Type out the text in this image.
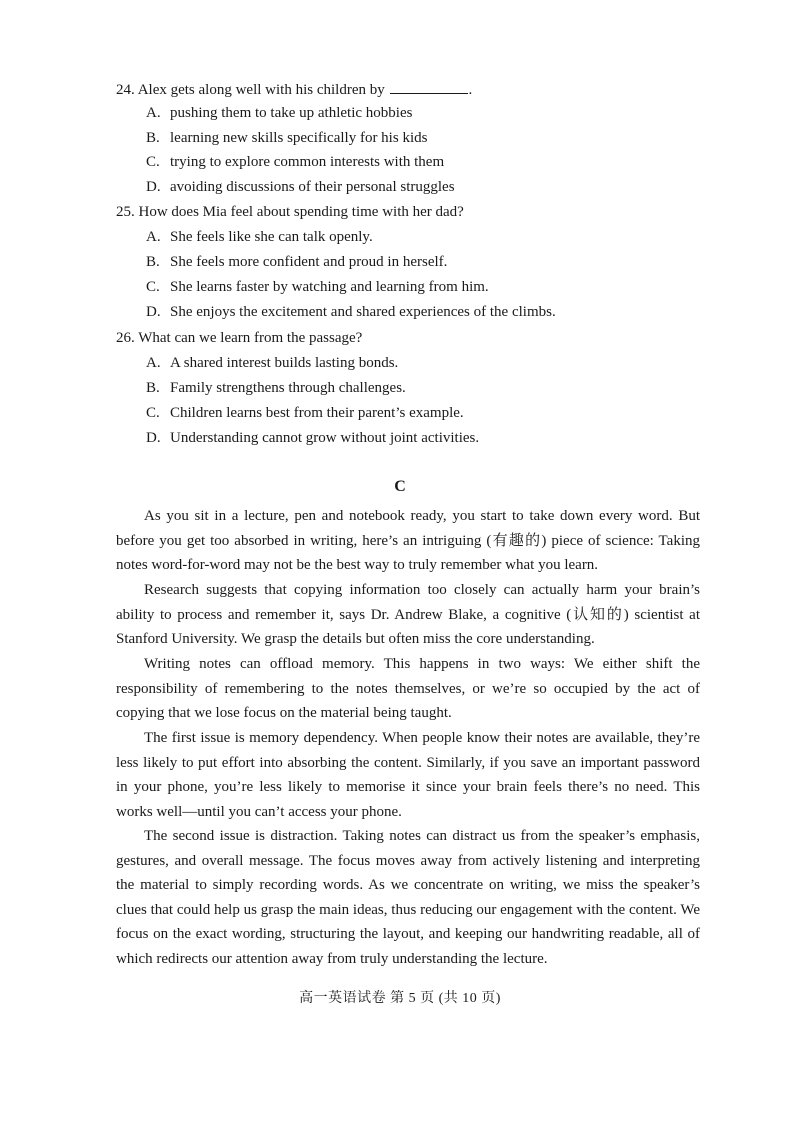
24. Alex gets along well with his children by	.
A. pushing them to take up athletic hobbies
B. learning new skills specifically for his kids
C. trying to explore common interests with them
D. avoiding discussions of their personal struggles
25. How does Mia feel about spending time with her dad?
A. She feels like she can talk openly.
B. She feels more confident and proud in herself.
C. She learns faster by watching and learning from him.
D. She enjoys the excitement and shared experiences of the climbs.
26. What can we learn from the passage?
A. A shared interest builds lasting bonds.
B. Family strengthens through challenges.
C. Children learns best from their parent’s example.
D. Understanding cannot grow without joint activities.
C
As you sit in a lecture, pen and notebook ready, you start to take down every word. But before you get too absorbed in writing, here’s an intriguing (有趣的) piece of science: Taking notes word-for-word may not be the best way to truly remember what you learn.
Research suggests that copying information too closely can actually harm your brain’s ability to process and remember it, says Dr. Andrew Blake, a cognitive (认知的) scientist at Stanford University. We grasp the details but often miss the core understanding.
Writing notes can offload memory. This happens in two ways: We either shift the responsibility of remembering to the notes themselves, or we’re so occupied by the act of copying that we lose focus on the material being taught.
The first issue is memory dependency. When people know their notes are available, they’re less likely to put effort into absorbing the content. Similarly, if you save an important password in your phone, you’re less likely to memorise it since your brain feels there’s no need. This works well—until you can’t access your phone.
The second issue is distraction. Taking notes can distract us from the speaker’s emphasis, gestures, and overall message. The focus moves away from actively listening and interpreting the material to simply recording words. As we concentrate on writing, we miss the speaker’s clues that could help us grasp the main ideas, thus reducing our engagement with the content. We focus on the exact wording, structuring the layout, and keeping our handwriting readable, all of which redirects our attention away from truly understanding the lecture.
高一英语试卷 第 5 页 (共 10 页)
